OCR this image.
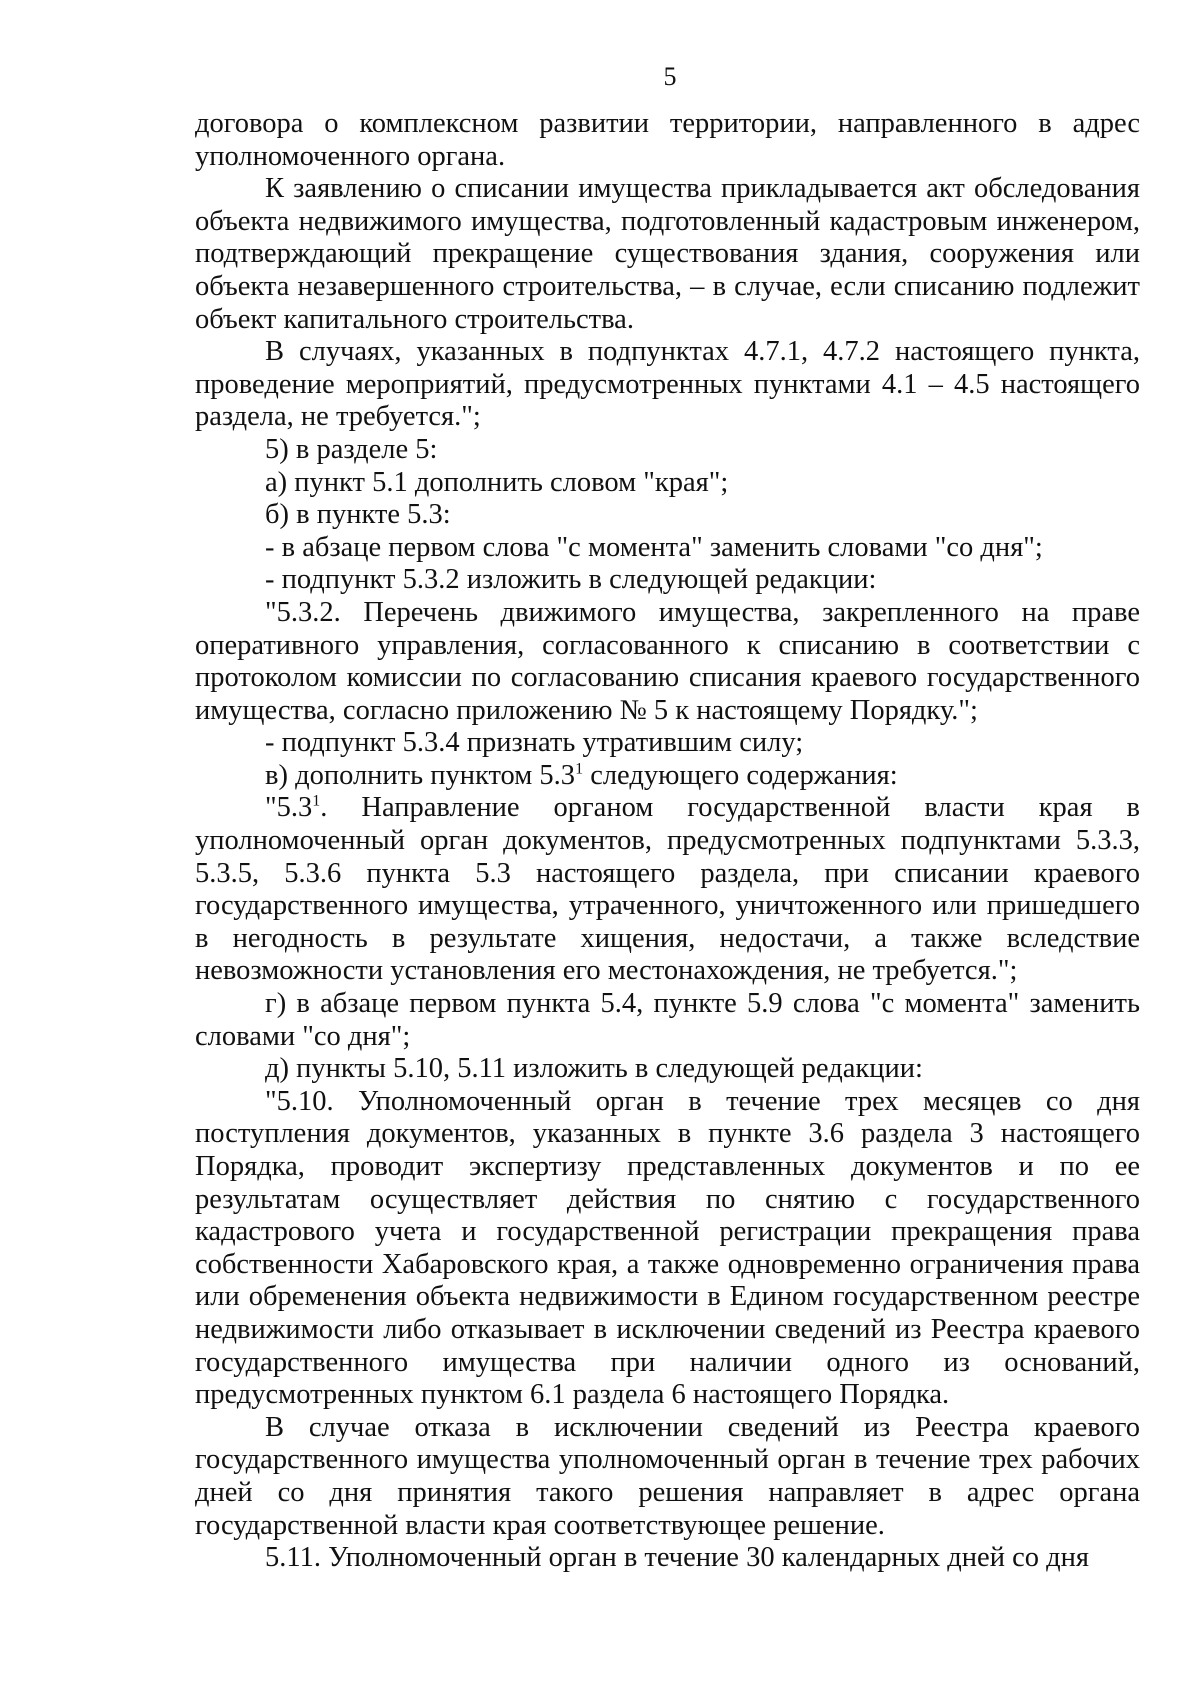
5

договора о комплексном развитии территории, направленного в адрес уполномоченного органа.

К заявлению о списании имущества прикладывается акт обследования объекта недвижимого имущества, подготовленный кадастровым инженером, подтверждающий прекращение существования здания, сооружения или объекта незавершенного строительства, – в случае, если списанию подлежит объект капитального строительства.

В случаях, указанных в подпунктах 4.7.1, 4.7.2 настоящего пункта, проведение мероприятий, предусмотренных пунктами 4.1 – 4.5 настоящего раздела, не требуется.";

5) в разделе 5:

а) пункт 5.1 дополнить словом "края";

б) в пункте 5.3:

- в абзаце первом слова "с момента" заменить словами "со дня";

- подпункт 5.3.2 изложить в следующей редакции:

"5.3.2. Перечень движимого имущества, закрепленного на праве оперативного управления, согласованного к списанию в соответствии с протоколом комиссии по согласованию списания краевого государственного имущества, согласно приложению № 5 к настоящему Порядку.";

- подпункт 5.3.4 признать утратившим силу;

в) дополнить пунктом $5.3^1$ следующего содержания:

"$5.3^1$. Направление органом государственной власти края в уполномоченный орган документов, предусмотренных подпунктами 5.3.3, 5.3.5, 5.3.6 пункта 5.3 настоящего раздела, при списании краевого государственного имущества, утраченного, уничтоженного или пришедшего в негодность в результате хищения, недостачи, а также вследствие невозможности установления его местонахождения, не требуется.";

г) в абзаце первом пункта 5.4, пункте 5.9 слова "с момента" заменить словами "со дня";

д) пункты 5.10, 5.11 изложить в следующей редакции:

"5.10. Уполномоченный орган в течение трех месяцев со дня поступления документов, указанных в пункте 3.6 раздела 3 настоящего Порядка, проводит экспертизу представленных документов и по ее результатам осуществляет действия по снятию с государственного кадастрового учета и государственной регистрации прекращения права собственности Хабаровского края, а также одновременно ограничения права или обременения объекта недвижимости в Едином государственном реестре недвижимости либо отказывает в исключении сведений из Реестра краевого государственного имущества при наличии одного из оснований, предусмотренных пунктом 6.1 раздела 6 настоящего Порядка.

В случае отказа в исключении сведений из Реестра краевого государственного имущества уполномоченный орган в течение трех рабочих дней со дня принятия такого решения направляет в адрес органа государственной власти края соответствующее решение.

5.11. Уполномоченный орган в течение 30 календарных дней со дня
